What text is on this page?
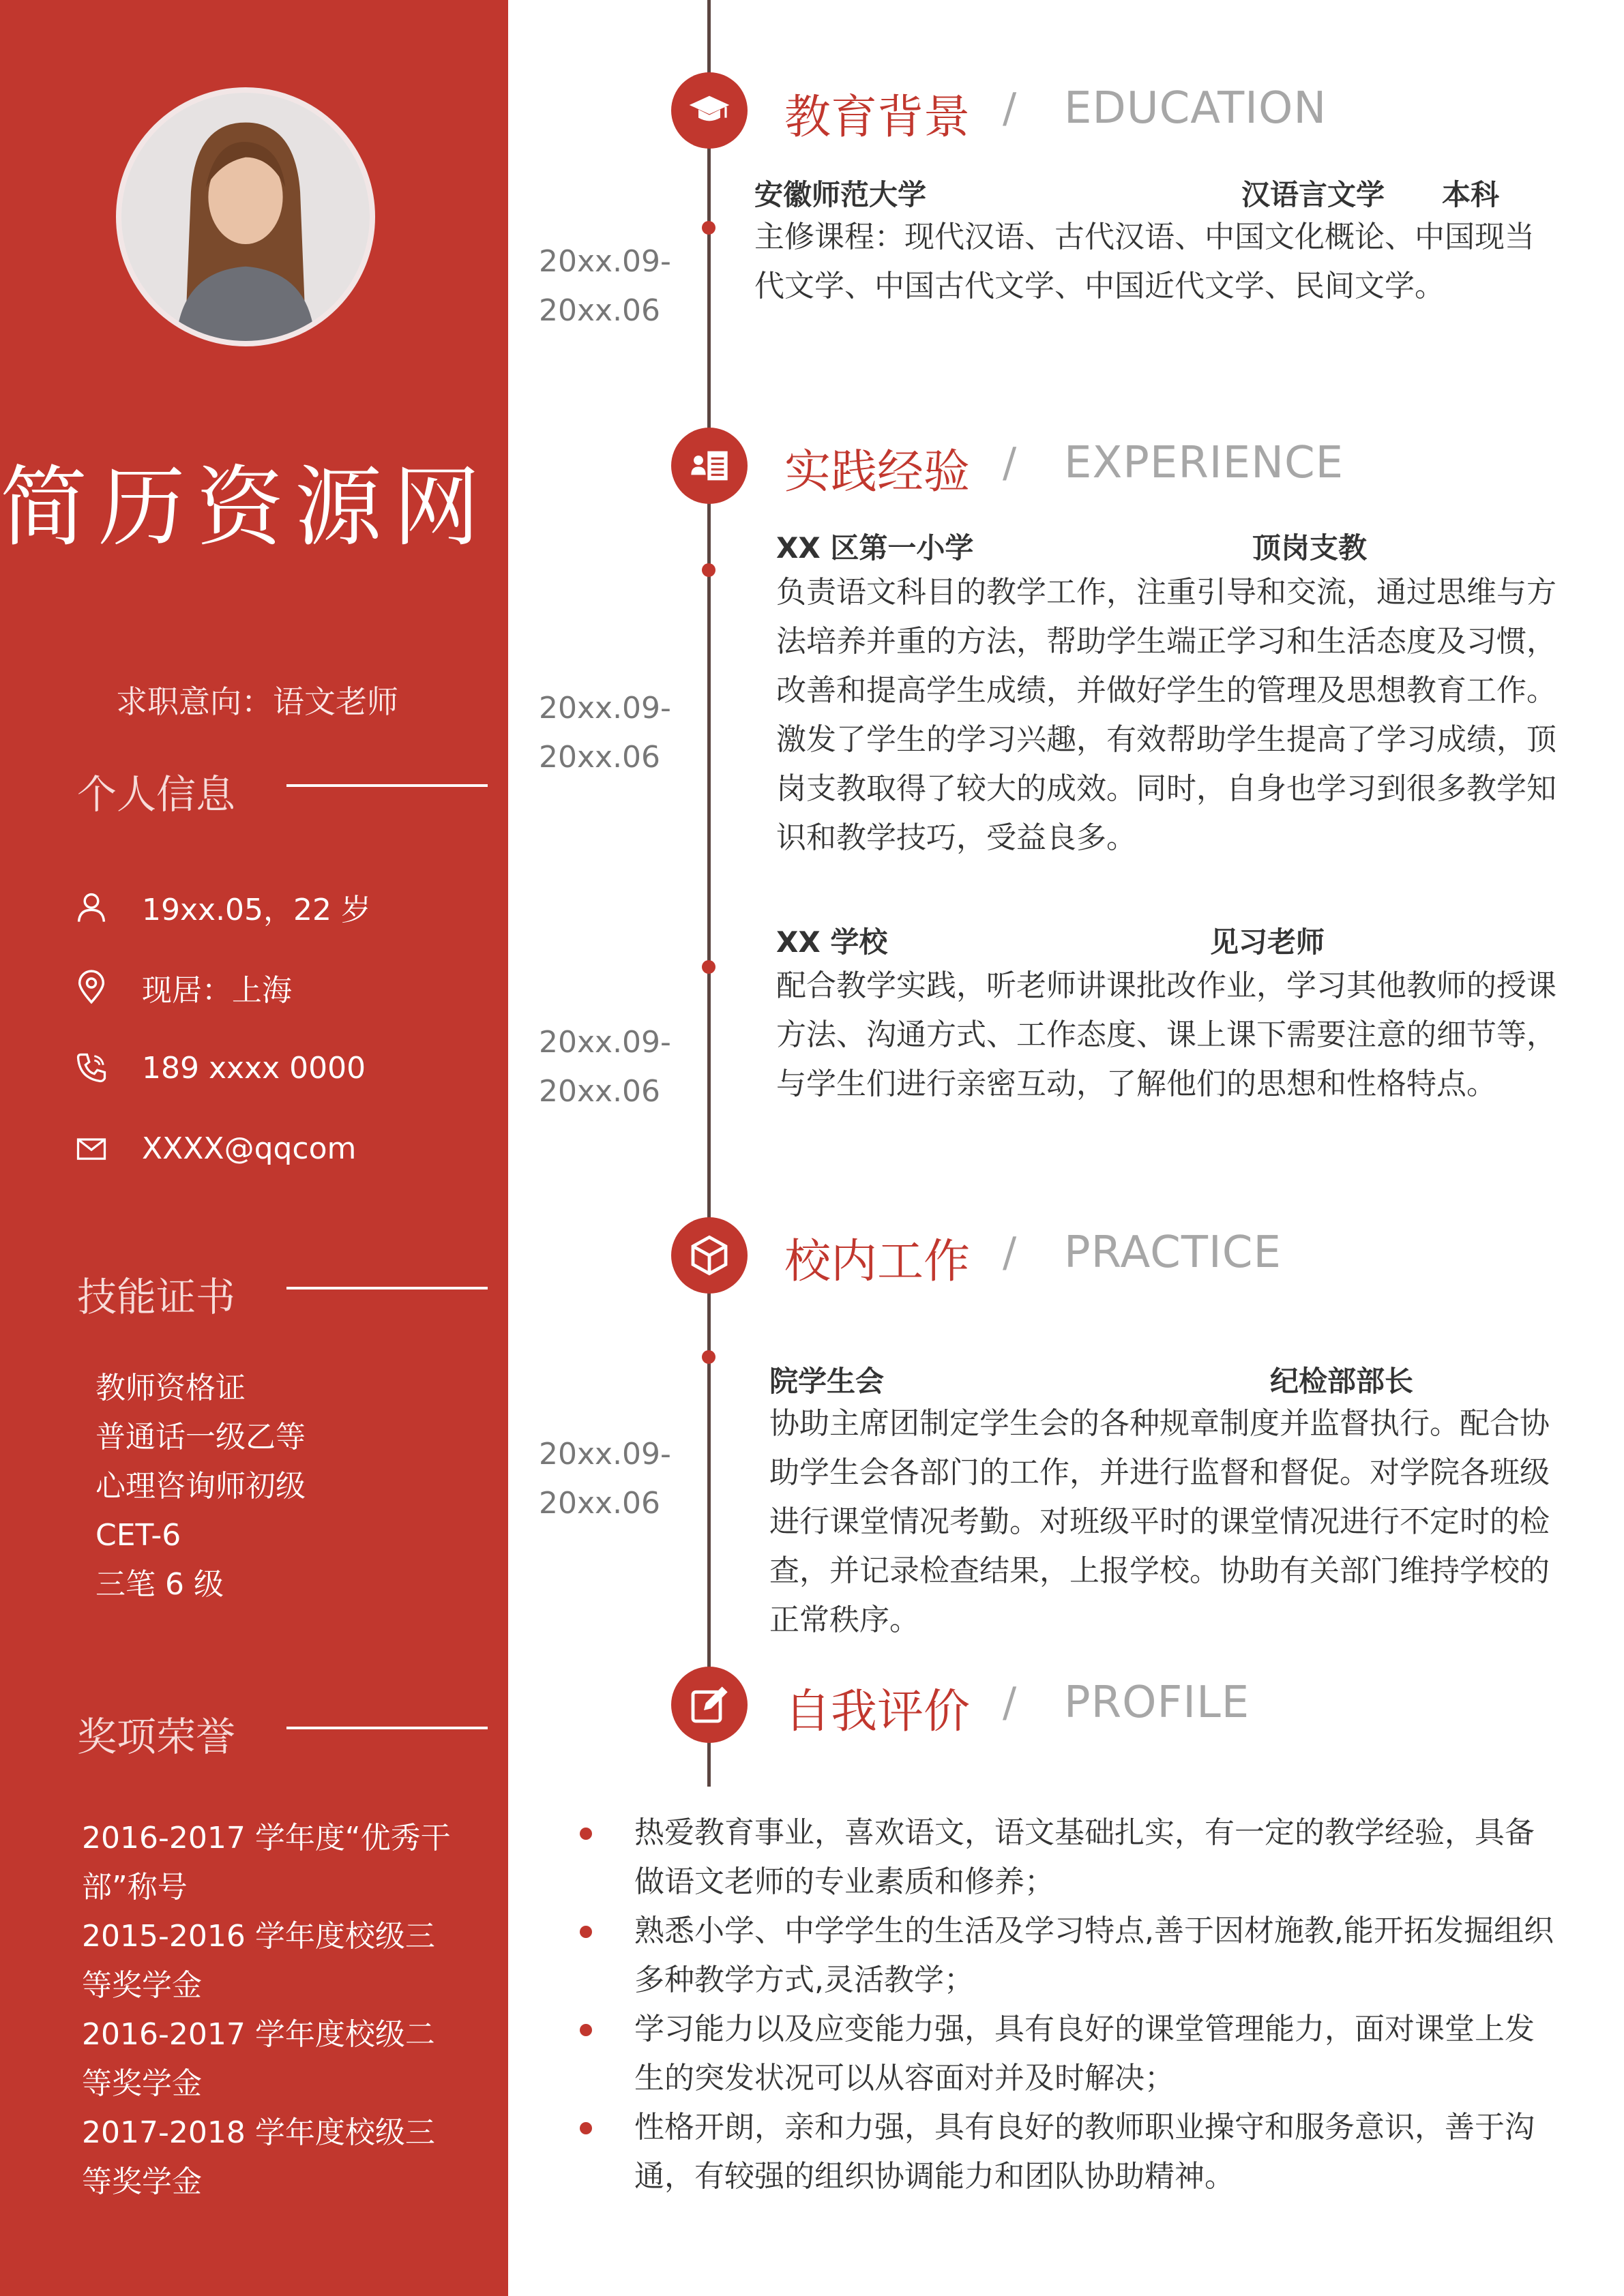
简历资源网
求职意向：语文老师
个人信息
19xx.05，22 岁
现居：上海
189 xxxx 0000
XXXX@qqcom
技能证书
教师资格证
普通话一级乙等
心理咨询师初级
CET-6
三笔 6 级
奖项荣誉
2016-2017 学年度“优秀干部”称号
2015-2016 学年度校级三等奖学金
2016-2017 学年度校级二等奖学金
2017-2018 学年度校级三等奖学金
教育背景 / EDUCATION
20xx.09-
20xx.06
安徽师范大学	汉语言文学 本科
主修课程：现代汉语、古代汉语、中国文化概论、中国现当代文学、中国古代文学、中国近代文学、民间文学。
实践经验 / EXPERIENCE
20xx.09-
20xx.06
XX 区第一小学	顶岗支教
负责语文科目的教学工作，注重引导和交流，通过思维与方法培养并重的方法，帮助学生端正学习和生活态度及习惯，改善和提高学生成绩，并做好学生的管理及思想教育工作。激发了学生的学习兴趣，有效帮助学生提高了学习成绩，顶岗支教取得了较大的成效。同时，自身也学习到很多教学知识和教学技巧，受益良多。
20xx.09-
20xx.06
XX 学校	见习老师
配合教学实践，听老师讲课批改作业，学习其他教师的授课方法、沟通方式、工作态度、课上课下需要注意的细节等，与学生们进行亲密互动，了解他们的思想和性格特点。
校内工作 / PRACTICE
20xx.09-
20xx.06
院学生会	纪检部部长
协助主席团制定学生会的各种规章制度并监督执行。配合协助学生会各部门的工作，并进行监督和督促。对学院各班级进行课堂情况考勤。对班级平时的课堂情况进行不定时的检查，并记录检查结果，上报学校。协助有关部门维持学校的正常秩序。
自我评价 / PROFILE
热爱教育事业，喜欢语文，语文基础扎实，有一定的教学经验，具备做语文老师的专业素质和修养；
熟悉小学、中学学生的生活及学习特点,善于因材施教,能开拓发掘组织多种教学方式,灵活教学；
学习能力以及应变能力强，具有良好的课堂管理能力，面对课堂上发生的突发状况可以从容面对并及时解决；
性格开朗，亲和力强，具有良好的教师职业操守和服务意识，善于沟通，有较强的组织协调能力和团队协助精神。
